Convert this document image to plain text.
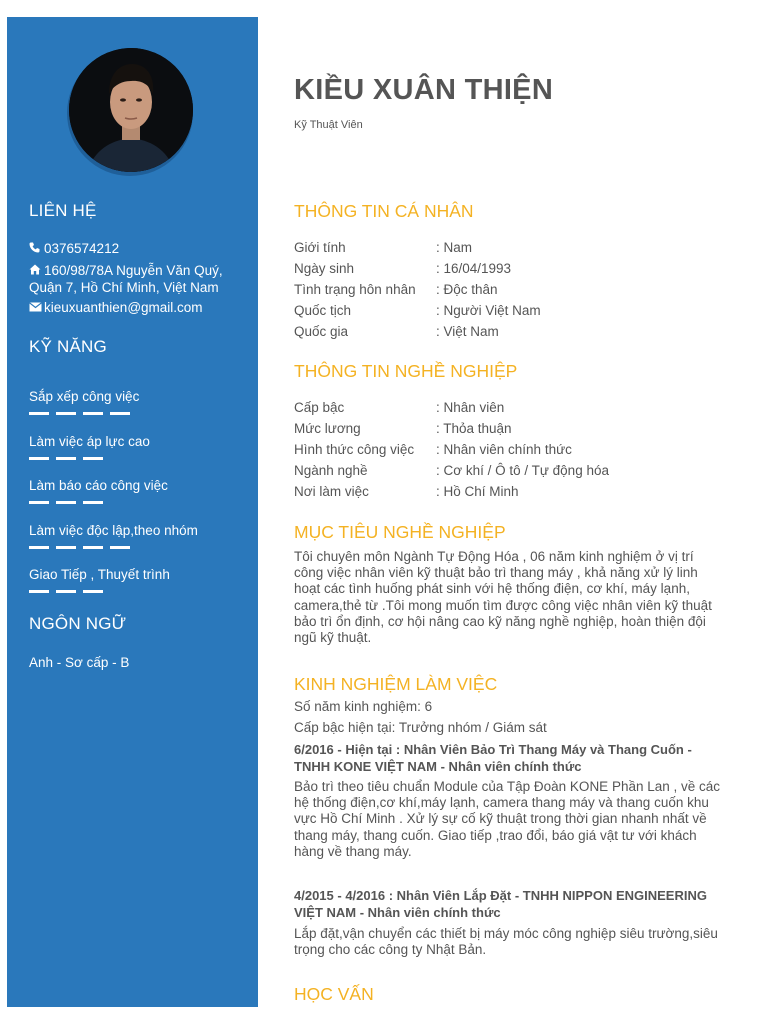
LIÊN HỆ
0376574212
160/98/78A Nguyễn Văn Quý,
Quận 7, Hồ Chí Minh, Việt Nam
kieuxuanthien@gmail.com
KỸ NĂNG
Sắp xếp công việc
Làm việc áp lực cao
Làm báo cáo công việc
Làm việc độc lập,theo nhóm
Giao Tiếp , Thuyết trình
NGÔN NGỮ
Anh - Sơ cấp - B
KIỀU XUÂN THIỆN
Kỹ Thuật Viên
THÔNG TIN CÁ NHÂN
Giới tính	: Nam
Ngày sinh	: 16/04/1993
Tình trạng hôn nhân : Độc thân
Quốc tịch	: Người Việt Nam
Quốc gia	: Việt Nam
THÔNG TIN NGHỀ NGHIỆP
Cấp bậc	: Nhân viên
Mức lương	: Thỏa thuận
Hình thức công việc : Nhân viên chính thức
Ngành nghề	: Cơ khí / Ô tô / Tự động hóa
Nơi làm việc	: Hồ Chí Minh
MỤC TIÊU NGHỀ NGHIỆP
Tôi chuyên môn Ngành Tự Động Hóa , 06 năm kinh nghiệm ở vị trí công việc nhân viên kỹ thuật bảo trì thang máy , khả năng xử lý linh hoạt các tình huống phát sinh với hệ thống điện, cơ khí, máy lạnh, camera,thẻ từ .Tôi mong muốn tìm được công việc nhân viên kỹ thuật bảo trì ổn định, cơ hội nâng cao kỹ năng nghề nghiệp, hoàn thiện đội ngũ kỹ thuật.
KINH NGHIỆM LÀM VIỆC
Số năm kinh nghiệm: 6
Cấp bậc hiện tại: Trưởng nhóm / Giám sát
6/2016 - Hiện tại : Nhân Viên Bảo Trì Thang Máy và Thang Cuốn - TNHH KONE VIỆT NAM - Nhân viên chính thức
Bảo trì theo tiêu chuẩn Module của Tập Đoàn KONE Phần Lan , về các hệ thống điện,cơ khí,máy lạnh, camera thang máy và thang cuốn khu vực Hồ Chí Minh . Xử lý sự cố kỹ thuật trong thời gian nhanh nhất về thang máy, thang cuốn. Giao tiếp ,trao đổi, báo giá vật tư với khách hàng về thang máy.
4/2015 - 4/2016 : Nhân Viên Lắp Đặt - TNHH NIPPON ENGINEERING VIỆT NAM - Nhân viên chính thức
Lắp đặt,vận chuyển các thiết bị máy móc công nghiệp siêu trường,siêu trọng cho các công ty Nhật Bản.
HỌC VẤN
